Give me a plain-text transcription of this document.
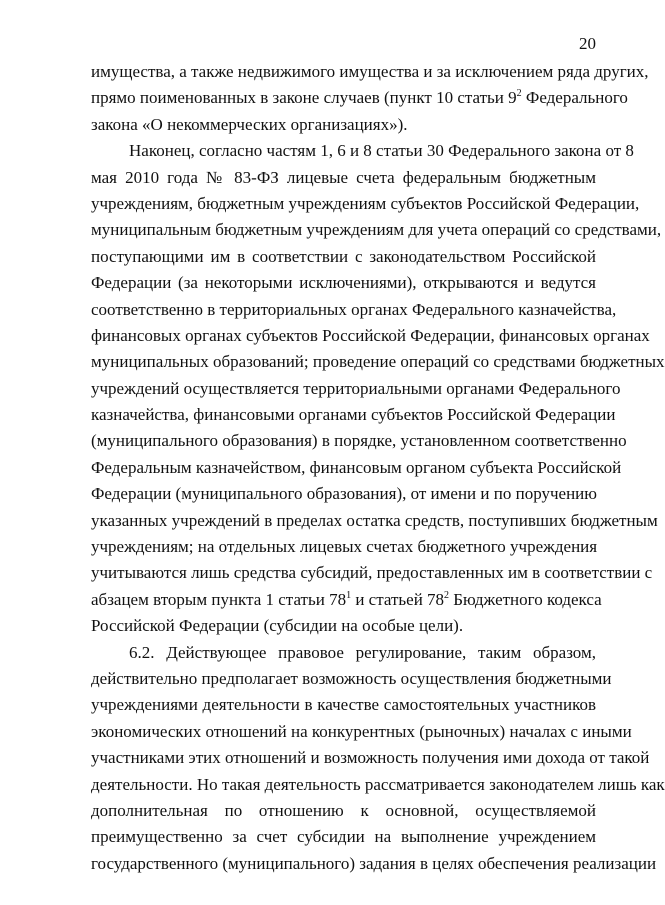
20
имущества, а также недвижимого имущества и за исключением ряда других,
прямо поименованных в законе случаев (пункт 10 статьи $9^2$ Федерального
закона «О некоммерческих организациях»).
Наконец, согласно частям 1, 6 и 8 статьи 30 Федерального закона от 8
мая 2010 года № 83-ФЗ лицевые счета федеральным бюджетным
учреждениям, бюджетным учреждениям субъектов Российской Федерации,
муниципальным бюджетным учреждениям для учета операций со средствами,
поступающими им в соответствии с законодательством Российской
Федерации (за некоторыми исключениями), открываются и ведутся
соответственно в территориальных органах Федерального казначейства,
финансовых органах субъектов Российской Федерации, финансовых органах
муниципальных образований; проведение операций со средствами бюджетных
учреждений осуществляется территориальными органами Федерального
казначейства, финансовыми органами субъектов Российской Федерации
(муниципального образования) в порядке, установленном соответственно
Федеральным казначейством, финансовым органом субъекта Российской
Федерации (муниципального образования), от имени и по поручению
указанных учреждений в пределах остатка средств, поступивших бюджетным
учреждениям; на отдельных лицевых счетах бюджетного учреждения
учитываются лишь средства субсидий, предоставленных им в соответствии с
абзацем вторым пункта 1 статьи $78^1$ и статьей $78^2$ Бюджетного кодекса
Российской Федерации (субсидии на особые цели).
6.2. Действующее правовое регулирование, таким образом,
действительно предполагает возможность осуществления бюджетными
учреждениями деятельности в качестве самостоятельных участников
экономических отношений на конкурентных (рыночных) началах с иными
участниками этих отношений и возможность получения ими дохода от такой
деятельности. Но такая деятельность рассматривается законодателем лишь как
дополнительная по отношению к основной, осуществляемой
преимущественно за счет субсидии на выполнение учреждением
государственного (муниципального) задания в целях обеспечения реализации
